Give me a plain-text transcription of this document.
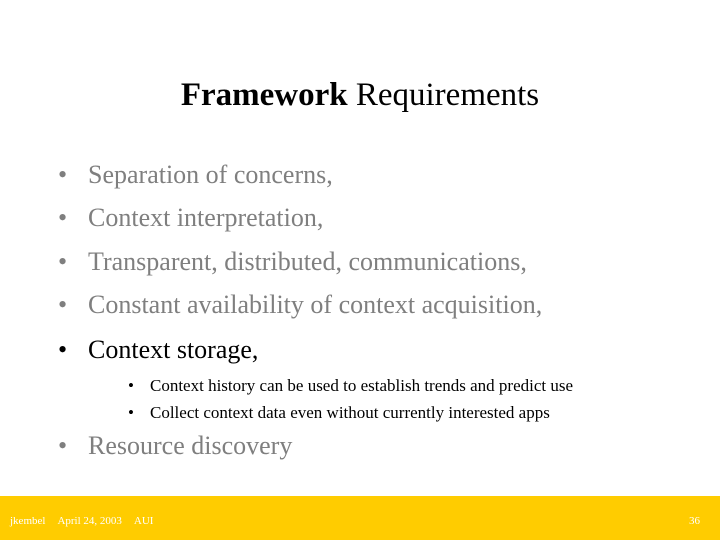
Framework Requirements
• Separation of concerns,
• Context interpretation,
• Transparent, distributed, communications,
• Constant availability of context acquisition,
• Context storage,
• Resource discovery
• Context history can be used to establish trends and predict use
• Collect context data even without currently interested apps
jkembel April 24, 2003 AUI	36
